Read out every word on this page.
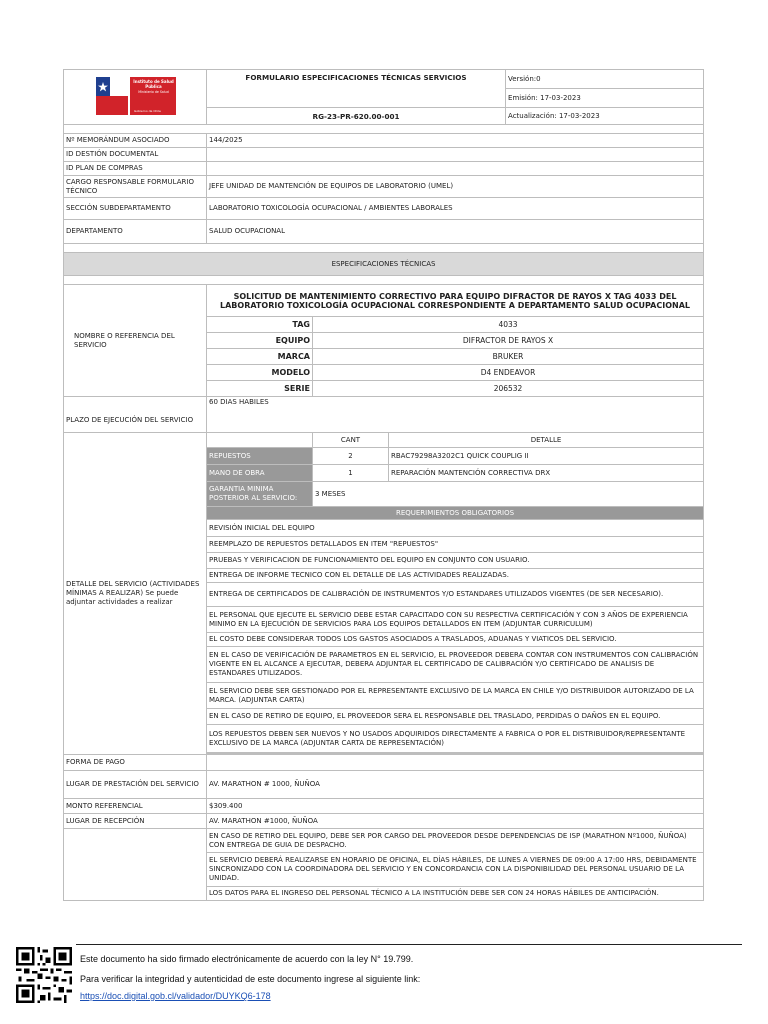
Instituto de Salud Pública
Ministerio de Salud
Gobierno de Chile	FORMULARIO ESPECIFICACIONES TÉCNICAS SERVICIOS			Versión:0
				Emisión: 17-03-2023
	RG-23-PR-620.00-001			Actualización: 17-03-2023

Nº MEMORÁNDUM ASOCIADO	144/2025			
ID DESTIÓN DOCUMENTAL				
ID PLAN DE COMPRAS				
CARGO RESPONSABLE FORMULARIO TÉCNICO	JEFE UNIDAD DE MANTENCIÓN DE EQUIPOS DE LABORATORIO (UMEL)			
SECCIÓN SUBDEPARTAMENTO	LABORATORIO TOXICOLOGÍA OCUPACIONAL / AMBIENTES LABORALES			
DEPARTAMENTO	SALUD OCUPACIONAL			

ESPECIFICACIONES TÉCNICAS				

NOMBRE O REFERENCIA DEL SERVICIO	SOLICITUD DE MANTENIMIENTO CORRECTIVO PARA EQUIPO DIFRACTOR DE RAYOS X TAG 4033 DEL LABORATORIO TOXICOLOGÍA OCUPACIONAL CORRESPONDIENTE A DEPARTAMENTO SALUD OCUPACIONAL			
	TAG	4033		
	EQUIPO	DIFRACTOR DE RAYOS X		
	MARCA	BRUKER		
	MODELO	D4 ENDEAVOR		
	SERIE	206532		
PLAZO DE EJECUCIÓN DEL SERVICIO	60 DIAS HABILES			
DETALLE DEL SERVICIO (ACTIVIDADES MÍNIMAS A REALIZAR) Se puede adjuntar actividades a realizar		CANT	DETALLE	
	REPUESTOS	2	RBAC79298A3202C1 QUICK COUPLIG II	
	MANO DE OBRA	1	REPARACIÓN MANTENCIÓN CORRECTIVA DRX	
	GARANTIA MINIMA POSTERIOR AL SERVICIO:	3 MESES		
	REQUERIMIENTOS OBLIGATORIOS			
	REVISIÓN INICIAL DEL EQUIPO			
	REEMPLAZO DE REPUESTOS DETALLADOS EN ITEM "REPUESTOS"			
	PRUEBAS Y VERIFICACION DE FUNCIONAMIENTO DEL EQUIPO EN CONJUNTO CON USUARIO.			
	ENTREGA DE INFORME TECNICO CON EL DETALLE DE LAS ACTIVIDADES REALIZADAS.			
	ENTREGA DE CERTIFICADOS DE CALIBRACIÓN DE INSTRUMENTOS Y/O ESTANDARES UTILIZADOS VIGENTES (DE SER NECESARIO).			
	EL PERSONAL QUE EJECUTE EL SERVICIO DEBE ESTAR CAPACITADO CON SU RESPECTIVA CERTIFICACIÓN Y CON 3 AÑOS DE EXPERIENCIA MINIMO EN LA EJECUCIÓN DE SERVICIOS PARA LOS EQUIPOS DETALLADOS EN ITEM (ADJUNTAR CURRICULUM)			
	EL COSTO DEBE CONSIDERAR TODOS LOS GASTOS ASOCIADOS A TRASLADOS, ADUANAS Y VIATICOS DEL SERVICIO.			
	EN EL CASO DE VERIFICACIÓN DE PARAMETROS EN EL SERVICIO, EL PROVEEDOR DEBERA CONTAR CON INSTRUMENTOS CON CALIBRACIÓN VIGENTE EN EL ALCANCE A EJECUTAR, DEBERA ADJUNTAR EL CERTIFICADO DE CALIBRACIÓN Y/O CERTIFICADO DE ANALISIS DE ESTANDARES UTILIZADOS.			
	EL SERVICIO DEBE SER GESTIONADO POR EL REPRESENTANTE EXCLUSIVO DE LA MARCA EN CHILE Y/O DISTRIBUIDOR AUTORIZADO DE LA MARCA. (ADJUNTAR CARTA)			
	EN EL CASO DE RETIRO DE EQUIPO, EL PROVEEDOR SERA EL RESPONSABLE DEL TRASLADO, PERDIDAS O DAÑOS EN EL EQUIPO.			
	LOS REPUESTOS DEBEN SER NUEVOS Y NO USADOS ADQUIRIDOS DIRECTAMENTE A FABRICA O POR EL DISTRIBUIDOR/REPRESENTANTE EXCLUSIVO DE LA MARCA (ADJUNTAR CARTA DE REPRESENTACIÓN)			

FORMA DE PAGO				
LUGAR DE PRESTACIÓN DEL SERVICIO	AV. MARATHON # 1000, ÑUÑOA			
MONTO REFERENCIAL	$309.400			
LUGAR DE RECEPCIÓN	AV. MARATHON #1000, ÑUÑOA			
	EN CASO DE RETIRO DEL EQUIPO, DEBE SER POR CARGO DEL PROVEEDOR DESDE DEPENDENCIAS DE ISP (MARATHON Nº1000, ÑUÑOA) CON ENTREGA DE GUIA DE DESPACHO.			
	EL SERVICIO DEBERÁ REALIZARSE EN HORARIO DE OFICINA, EL DÍAS HÁBILES, DE LUNES A VIERNES DE 09:00 A 17:00 HRS, DEBIDAMENTE SINCRONIZADO CON LA COORDINADORA DEL SERVICIO Y EN CONCORDANCIA CON LA DISPONIBILIDAD DEL PERSONAL USUARIO DE LA UNIDAD.			
	LOS DATOS PARA EL INGRESO DEL PERSONAL TÉCNICO A LA INSTITUCIÓN DEBE SER CON 24 HORAS HÁBILES DE ANTICIPACIÓN.			
Este documento ha sido firmado electrónicamente de acuerdo con la ley N° 19.799.
Para verificar la integridad y autenticidad de este documento ingrese al siguiente link:
https://doc.digital.gob.cl/validador/DUYKQ6-178
